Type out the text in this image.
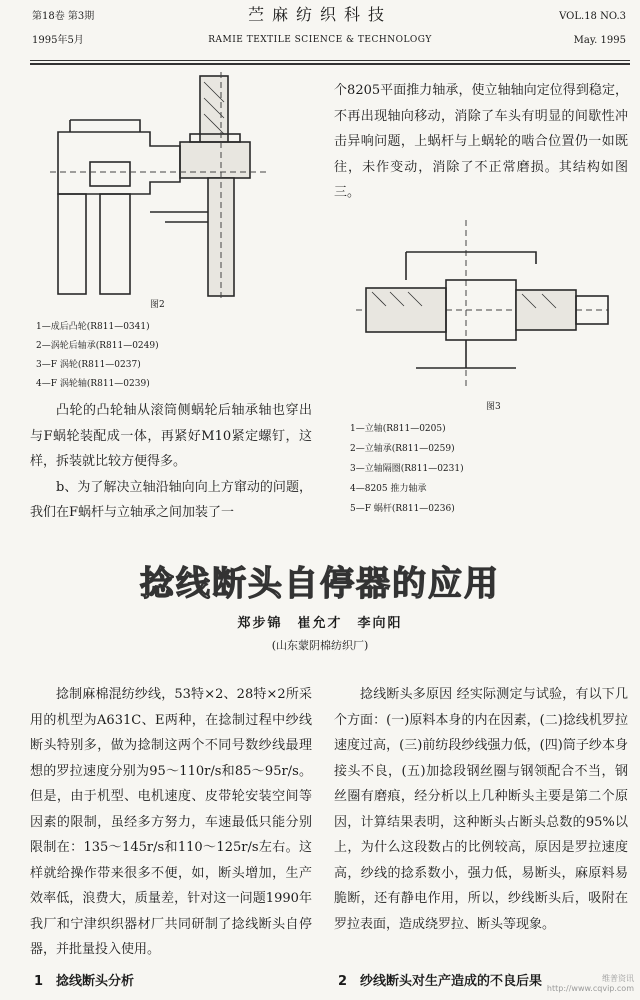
第18卷 第3期
1995年5月
苎麻纺织科技
RAMIE TEXTILE SCIENCE & TECHNOLOGY
VOL.18 NO.3
May. 1995
图2
1—成后凸轮(R811—0341)
2—涡轮后轴承(R811—0249)
3—F 涡轮(R811—0237)
4—F 涡轮轴(R811—0239)

凸轮的凸轮轴从滚筒侧蜗轮后轴承轴也穿出与F蜗轮装配成一体，再紧好M10紧定螺钉，这样，拆装就比较方便得多。

b、为了解决立轴沿轴向向上方窜动的问题，我们在F蜗杆与立轴承之间加装了一

个8205平面推力轴承，使立轴轴向定位得到稳定，不再出现轴向移动，消除了车头有明显的间歇性冲击异响问题，上蜗杆与上蜗轮的啮合位置仍一如既往，未作变动，消除了不正常磨损。其结构如图三。

图3
1—立轴(R811—0205)
2—立轴承(R811—0259)
3—立轴隔圈(R811—0231)
4—8205 推力轴承
5—F 蜗杆(R811—0236)
捻线断头自停器的应用
郑步锦　崔允才　李向阳
(山东蒙阴棉纺织厂)

捻制麻棉混纺纱线，53特×2、28特×2所采用的机型为A631C、E两种，在捻制过程中纱线断头特别多，做为捻制这两个不同号数纱线最理想的罗拉速度分别为95～110r/s和85～95r/s。但是，由于机型、电机速度、皮带轮安装空间等因素的限制，虽经多方努力，车速最低只能分别限制在：135～145r/s和110～125r/s左右。这样就给操作带来很多不便，如，断头增加，生产效率低，浪费大，质量差，针对这一问题1990年我厂和宁津织织器材厂共同研制了捻线断头自停器，并批量投入使用。

1　捻线断头分析

捻线断头多原因 经实际测定与试验，有以下几个方面：(一)原料本身的内在因素，(二)捻线机罗拉速度过高，(三)前纺段纱线强力低，(四)筒子纱本身接头不良，(五)加捻段钢丝圈与钢领配合不当，钢丝圈有磨痕，经分析以上几种断头主要是第二个原因，计算结果表明，这种断头占断头总数的95%以上，为什么这段数占的比例较高，原因是罗拉速度高，纱线的捻系数小，强力低，易断头，麻原料易脆断，还有静电作用，所以，纱线断头后，吸附在罗拉表面，造成绕罗拉、断头等现象。

2　纱线断头对生产造成的不良后果	维普资讯
http://www.cqvip.com
